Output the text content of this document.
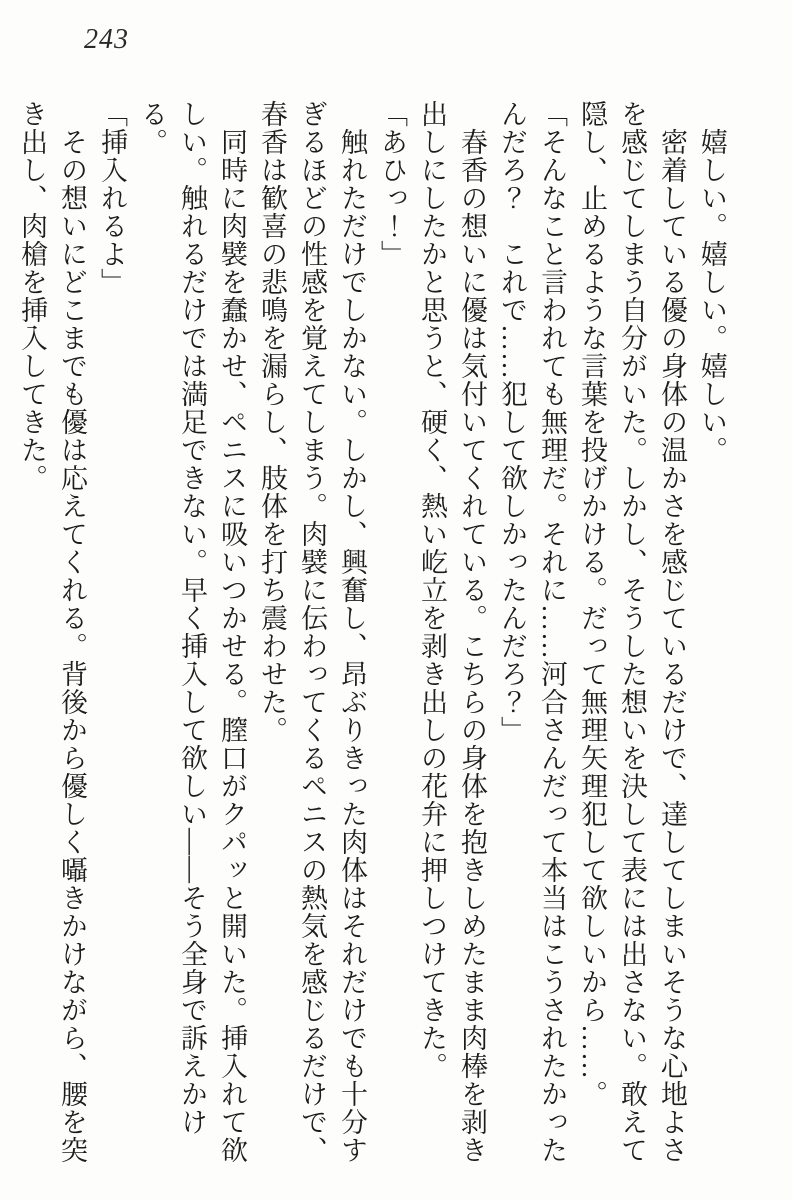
243

嬉しい。嬉しい。嬉しい。

密着している優の身体の温かさを感じているだけで、達してしまいそうな心地よさを感じてしまう自分がいた。しかし、そうした想いを決して表には出さない。敢えて隠し、止めるような言葉を投げかける。だって無理矢理犯して欲しいから……。

「そんなこと言われても無理だ。それに……河合さんだって本当はこうされたかったんだろ？　これで……犯して欲しかったんだろ？」

春香の想いに優は気付いてくれている。こちらの身体を抱きしめたまま肉棒を剥き出しにしたかと思うと、硬く、熱い屹立を剥き出しの花弁に押しつけてきた。

「あひっ！」

触れただけでしかない。しかし、興奮し、昂ぶりきった肉体はそれだけでも十分すぎるほどの性感を覚えてしまう。肉襞に伝わってくるペニスの熱気を感じるだけで、春香は歓喜の悲鳴を漏らし、肢体を打ち震わせた。

同時に肉襞を蠢かせ、ペニスに吸いつかせる。膣口がクパッと開いた。挿入れて欲しい。触れるだけでは満足できない。早く挿入して欲しい――そう全身で訴えかける。

「挿入れるよ」

その想いにどこまでも優は応えてくれる。背後から優しく囁きかけながら、腰を突き出し、肉槍を挿入してきた。
